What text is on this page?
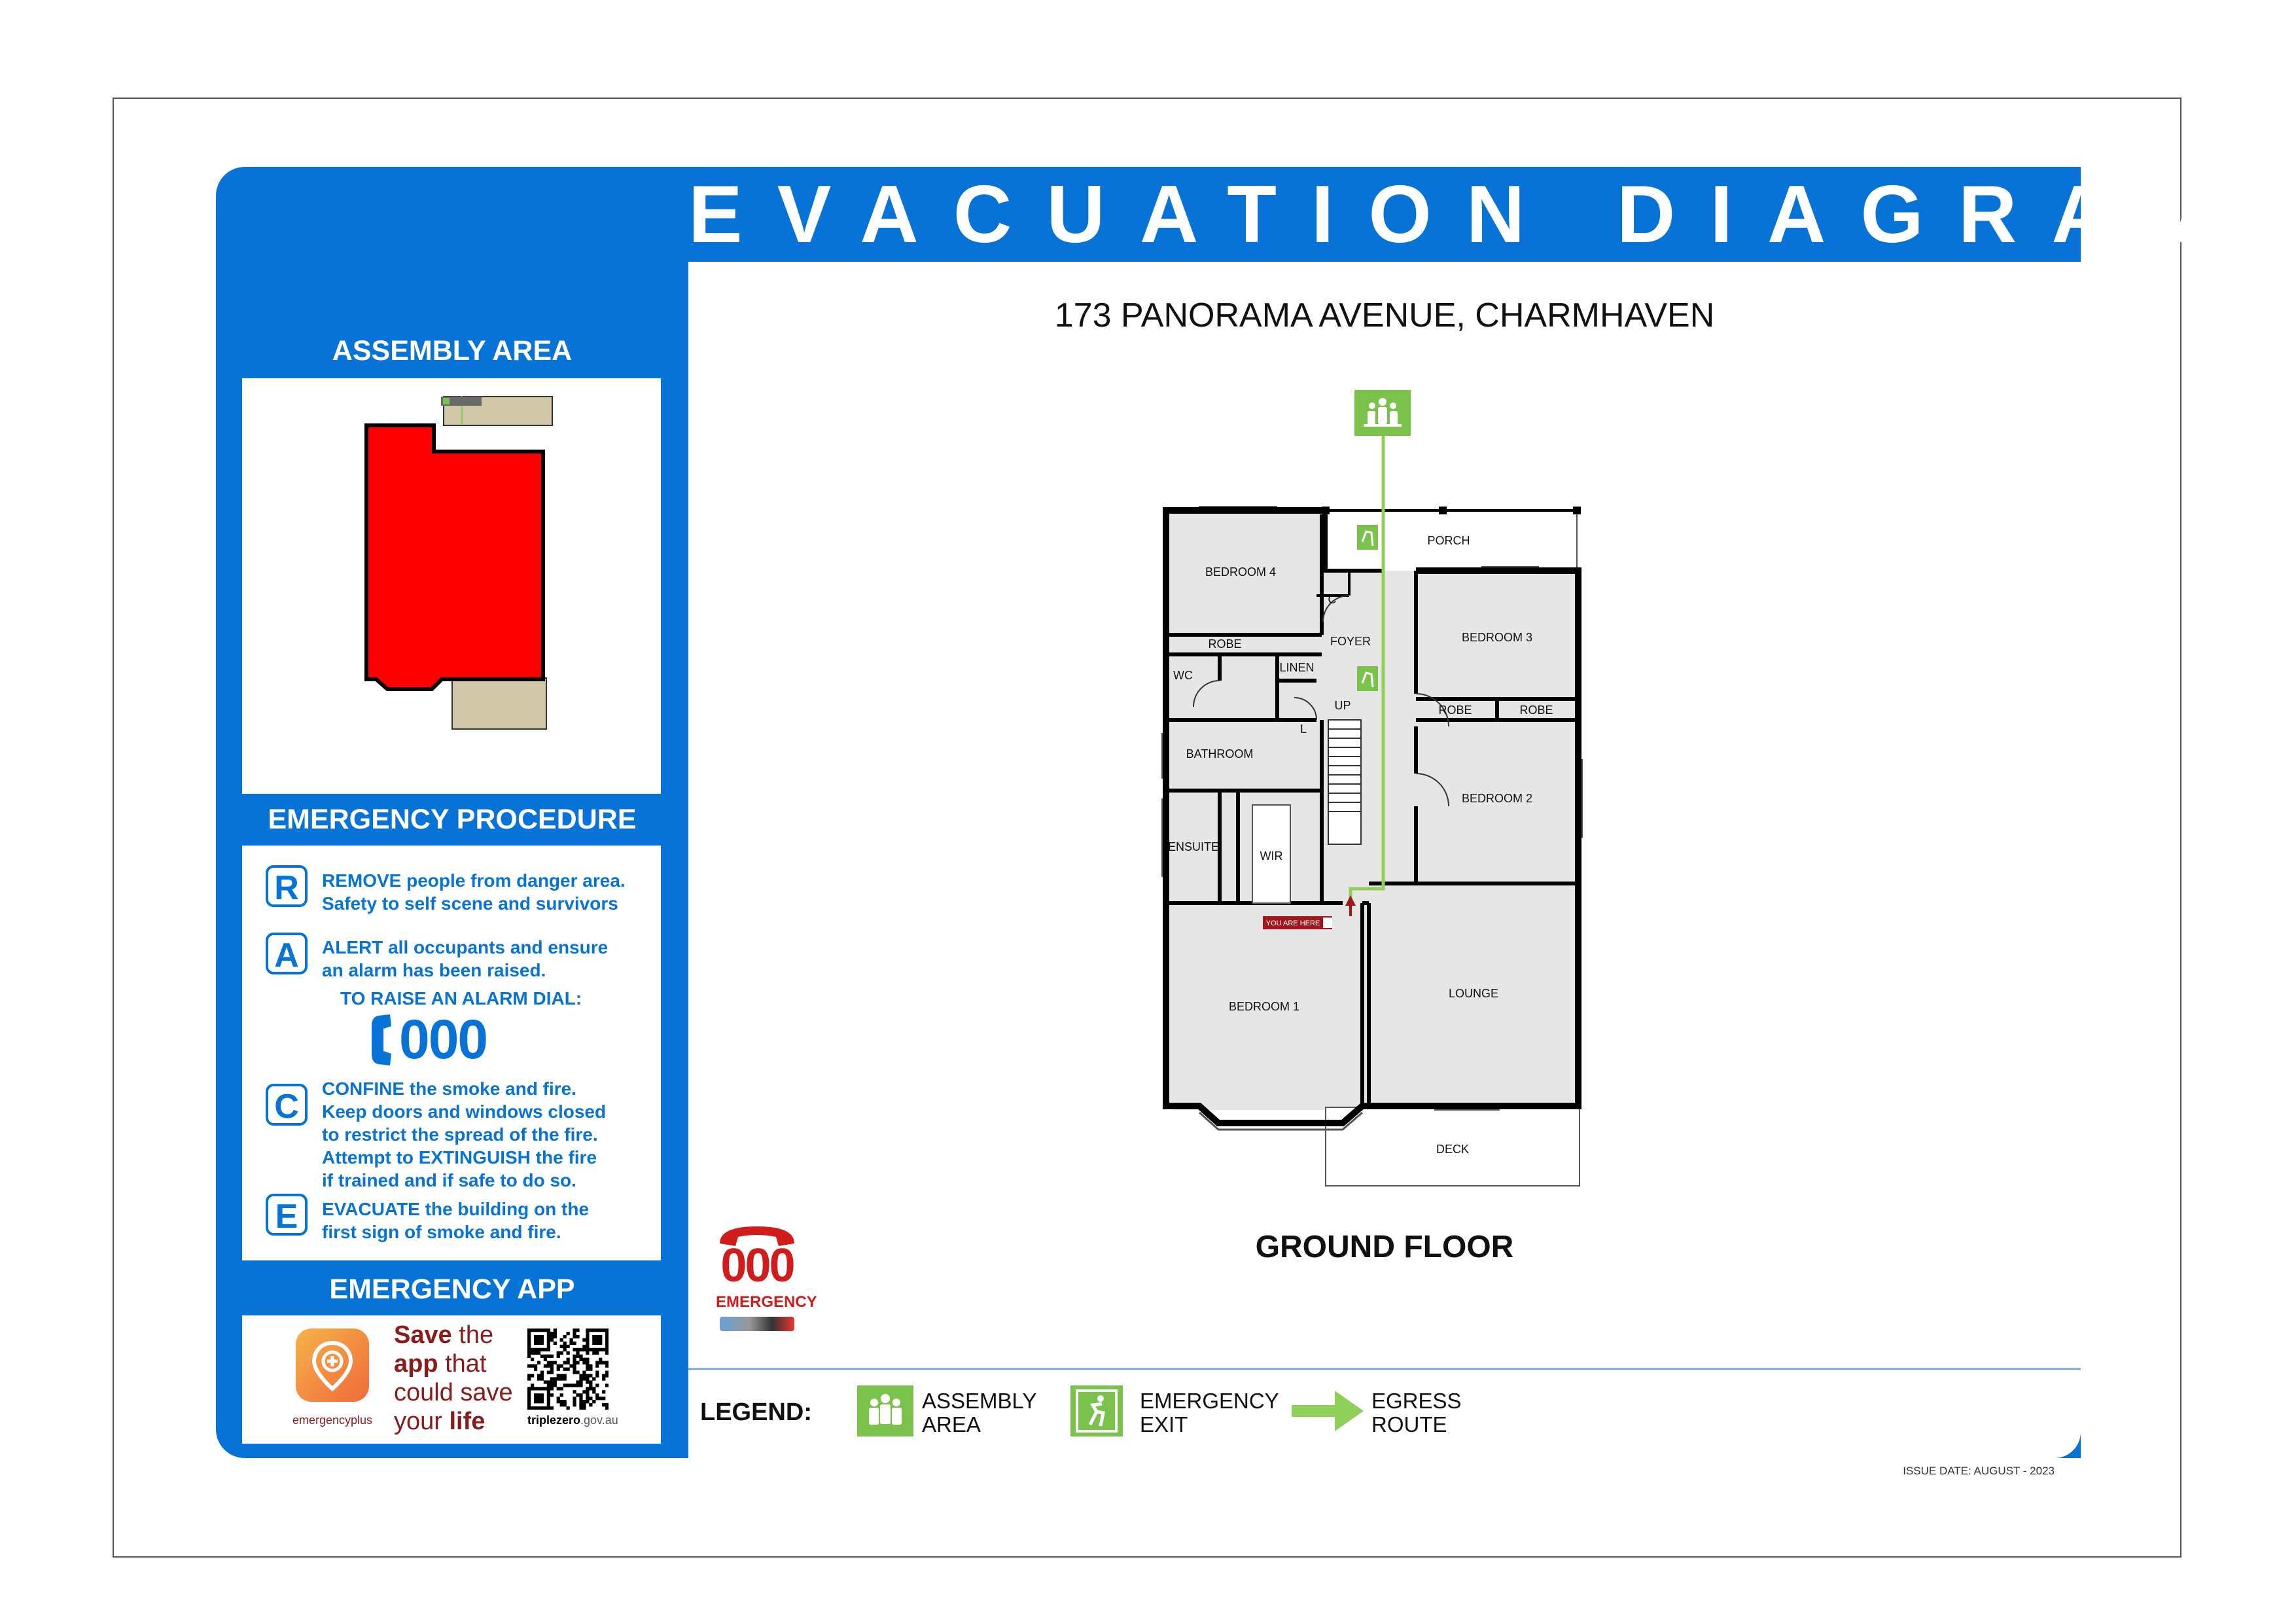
EVACUATION DIAGRAM
ASSEMBLY AREA
EMERGENCY PROCEDURE
R	REMOVE people from danger area.
Safety to self scene and survivors
A	ALERT all occupants and ensure
an alarm has been raised.
TO RAISE AN ALARM DIAL:
000
C	CONFINE the smoke and fire.
Keep doors and windows closed
to restrict the spread of the fire.
Attempt to EXTINGUISH the fire
if trained and if safe to do so.
E	EVACUATE the building on the
first sign of smoke and fire.
EMERGENCY APP
emergencyplus
Save the
app that
could save
your life	triplezero.gov.au
173 PANORAMA AVENUE, CHARMHAVEN
BEDROOM 4
PORCH
C
FOYER
ROBE	BEDROOM 3
WC
LINEN
UP
L
ROBE	ROBE
BATHROOM
BEDROOM 2
ENSUITE
WIR
BEDROOM 1
LOUNGE
DECK
YOU ARE HERE
000
EMERGENCY
GROUND FLOOR
LEGEND:	ASSEMBLY
AREA
EMERGENCY
EXIT
EGRESS
ROUTE
ISSUE DATE: AUGUST - 2023
